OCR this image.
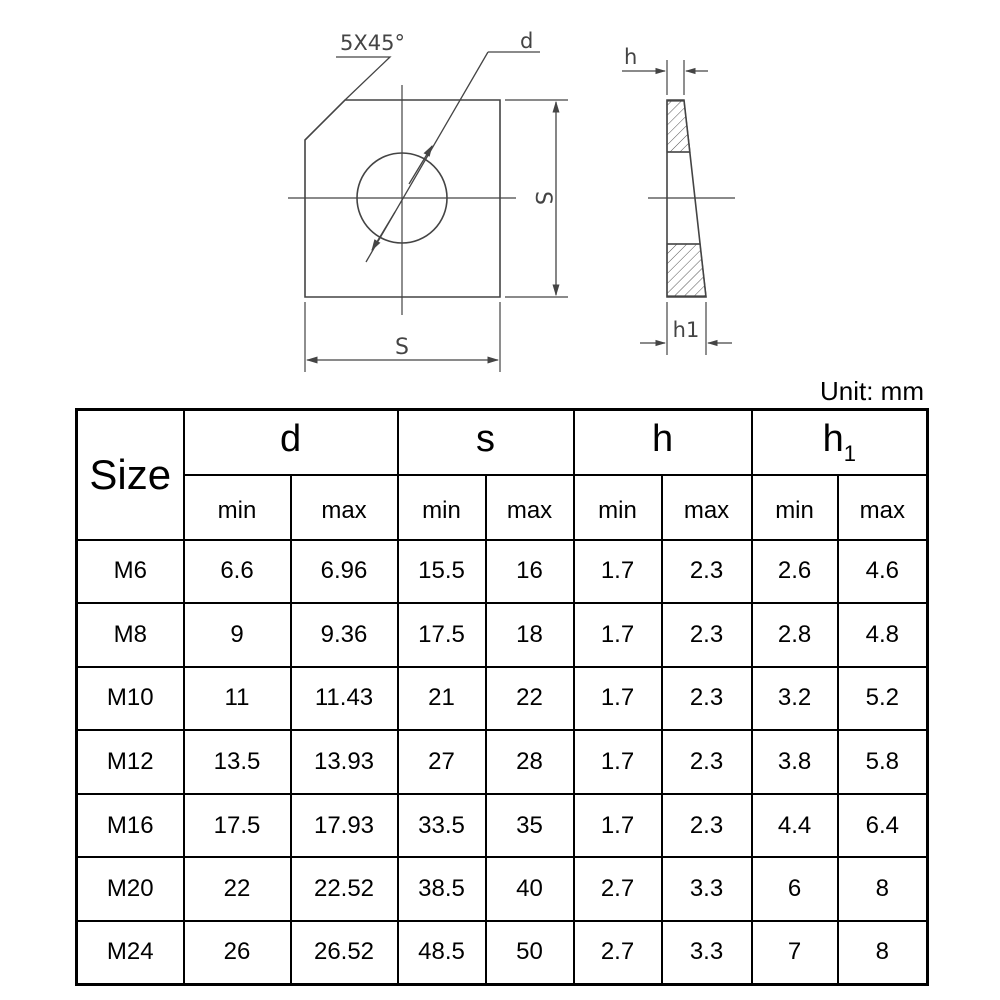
5X45°	d
S
S
h
h1
Unit: mm
Size	d		s		h		$h_1$
	min	max	min	max	min	max	min	max
M6	6.6	6.96	15.5	16	1.7	2.3	2.6	4.6
M8	9	9.36	17.5	18	1.7	2.3	2.8	4.8
M10	11	11.43	21	22	1.7	2.3	3.2	5.2
M12	13.5	13.93	27	28	1.7	2.3	3.8	5.8
M16	17.5	17.93	33.5	35	1.7	2.3	4.4	6.4
M20	22	22.52	38.5	40	2.7	3.3	6	8
M24	26	26.52	48.5	50	2.7	3.3	7	8
